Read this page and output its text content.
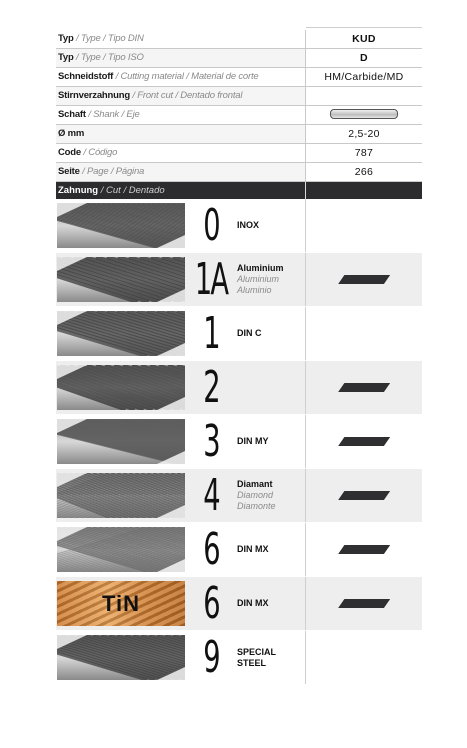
Typ / Type / Tipo DIN	KUD
Typ / Type / Tipo ISO	D
Schneidstoff / Cutting material / Material de corte	HM/Carbide/MD
Stirnverzahnung / Front cut / Dentado frontal
Schaft / Shank / Eje
Ø mm	2,5-20
Code / Código	787
Seite / Page / Página	266
Zahnung / Cut / Dentado
0	INOX
1A Aluminium
Aluminium
Aluminio
1	DIN C
2
3	DIN MY
4	Diamant
Diamond
Diamonte
6	DIN MX
TiN 6	DIN MX
9	SPECIAL
STEEL
